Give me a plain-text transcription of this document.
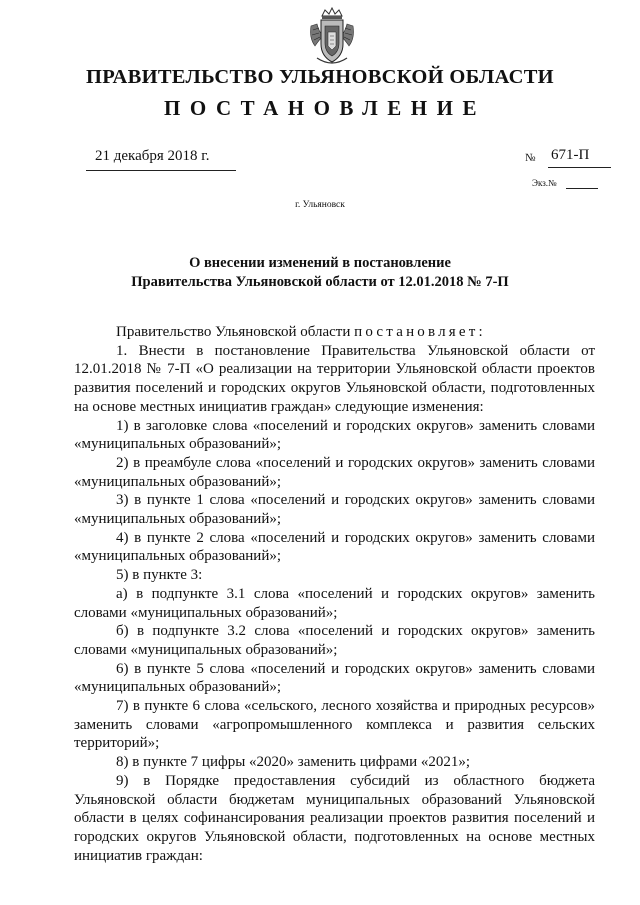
ПРАВИТЕЛЬСТВО УЛЬЯНОВСКОЙ ОБЛАСТИ
ПОСТАНОВЛЕНИЕ
21 декабря 2018 г.	№ 671-П
Экз.№
г. Ульяновск
О внесении изменений в постановление
Правительства Ульяновской области от 12.01.2018 № 7-П

Правительство Ульяновской области постановляет:

1. Внести в постановление Правительства Ульяновской области от 12.01.2018 № 7-П «О реализации на территории Ульяновской области проектов развития поселений и городских округов Ульяновской области, подготовленных на основе местных инициатив граждан» следующие изменения:

1) в заголовке слова «поселений и городских округов» заменить словами «муниципальных образований»;

2) в преамбуле слова «поселений и городских округов» заменить словами «муниципальных образований»;

3) в пункте 1 слова «поселений и городских округов» заменить словами «муниципальных образований»;

4) в пункте 2 слова «поселений и городских округов» заменить словами «муниципальных образований»;

5) в пункте 3:

а) в подпункте 3.1 слова «поселений и городских округов» заменить словами «муниципальных образований»;

б) в подпункте 3.2 слова «поселений и городских округов» заменить словами «муниципальных образований»;

6) в пункте 5 слова «поселений и городских округов» заменить словами «муниципальных образований»;

7) в пункте 6 слова «сельского, лесного хозяйства и природных ресурсов» заменить словами «агропромышленного комплекса и развития сельских территорий»;

8) в пункте 7 цифры «2020» заменить цифрами «2021»;

9) в Порядке предоставления субсидий из областного бюджета Ульяновской области бюджетам муниципальных образований Ульяновской области в целях софинансирования реализации проектов развития поселений и городских округов Ульяновской области, подготовленных на основе местных инициатив граждан:
